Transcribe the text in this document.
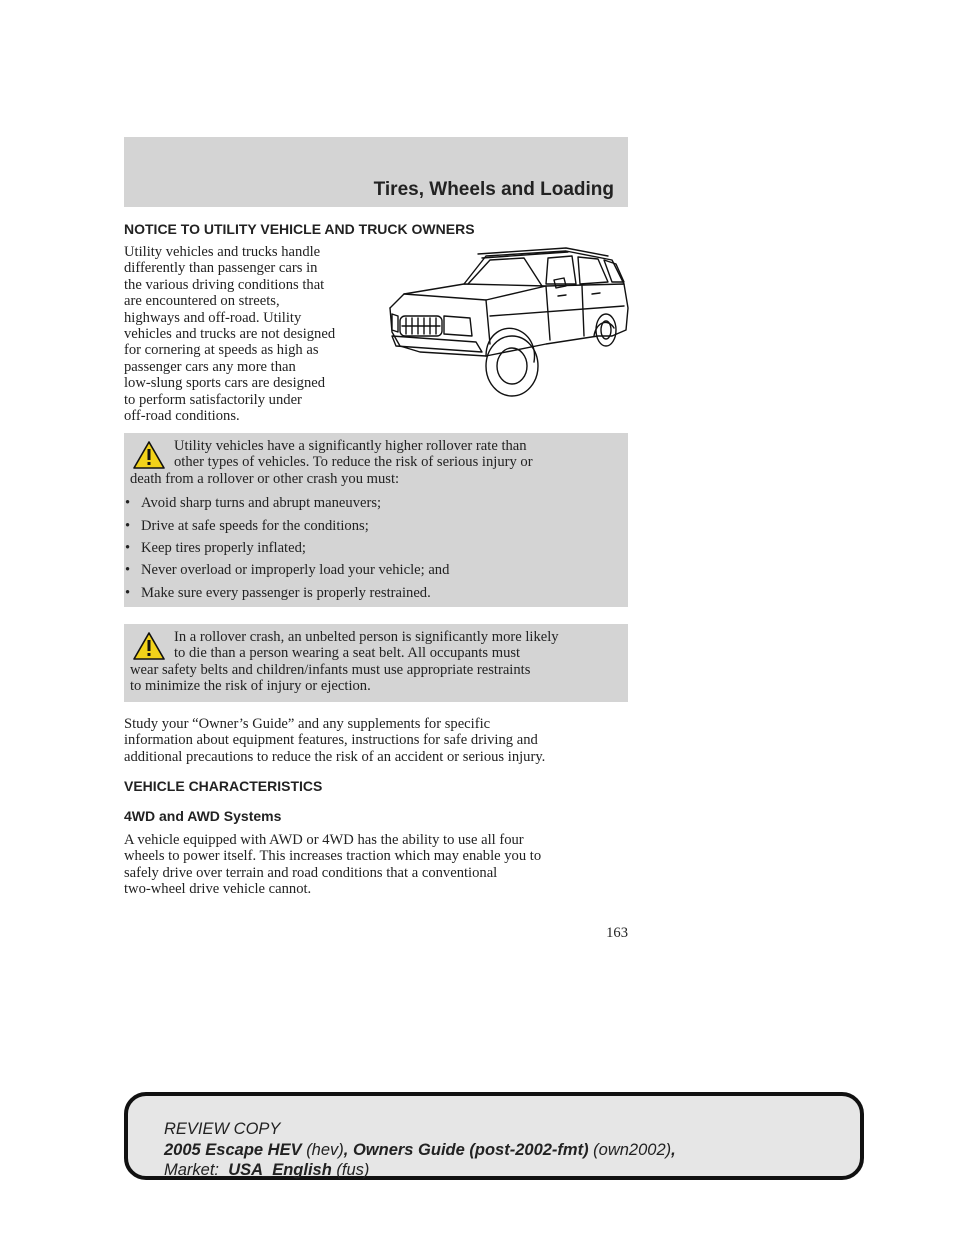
Tires, Wheels and Loading
NOTICE TO UTILITY VEHICLE AND TRUCK OWNERS
Utility vehicles and trucks handle
differently than passenger cars in
the various driving conditions that
are encountered on streets,
highways and off-road. Utility
vehicles and trucks are not designed
for cornering at speeds as high as
passenger cars any more than
low-slung sports cars are designed
to perform satisfactorily under
off-road conditions.
Utility vehicles have a significantly higher rollover rate than
other types of vehicles. To reduce the risk of serious injury or
death from a rollover or other crash you must:
• Avoid sharp turns and abrupt maneuvers;
• Drive at safe speeds for the conditions;
• Keep tires properly inflated;
• Never overload or improperly load your vehicle; and
• Make sure every passenger is properly restrained.
In a rollover crash, an unbelted person is significantly more likely
to die than a person wearing a seat belt. All occupants must
wear safety belts and children/infants must use appropriate restraints
to minimize the risk of injury or ejection.
Study your “Owner’s Guide” and any supplements for specific
information about equipment features, instructions for safe driving and
additional precautions to reduce the risk of an accident or serious injury.
VEHICLE CHARACTERISTICS
4WD and AWD Systems
A vehicle equipped with AWD or 4WD has the ability to use all four
wheels to power itself. This increases traction which may enable you to
safely drive over terrain and road conditions that a conventional
two-wheel drive vehicle cannot.
163
REVIEW COPY
2005 Escape HEV (hev), Owners Guide (post-2002-fmt) (own2002),
Market: USA_English (fus)
